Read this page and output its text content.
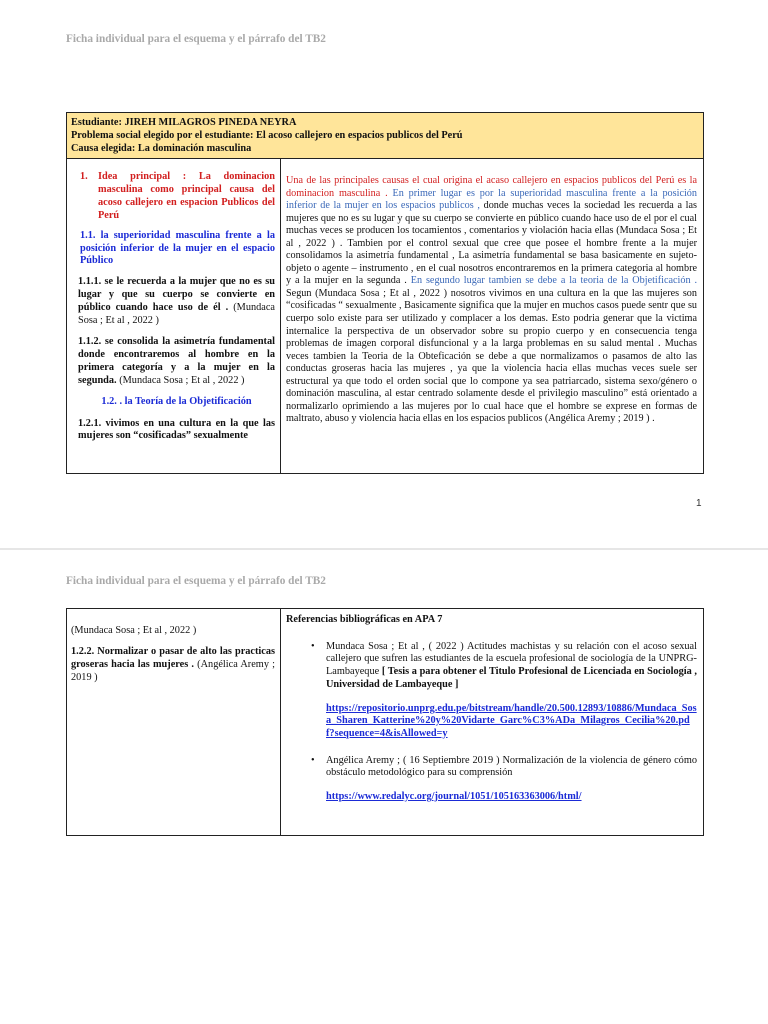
Ficha individual para el esquema y el párrafo del TB2
Estudiante: JIREH MILAGROS PINEDA NEYRA
Problema social elegido por el estudiante: El acoso callejero en espacios publicos del Perú
Causa elegida: La dominación masculina
1. Idea principal : La dominacion masculina como principal causa del acoso callejero en espacion Publicos del Perú
1.1. la superioridad masculina frente a la posición inferior de la mujer en el espacio Público
1.1.1. se le recuerda a la mujer que no es su lugar y que su cuerpo se convierte en público cuando hace uso de él . (Mundaca Sosa ; Et al , 2022 )
1.1.2. se consolida la asimetría fundamental donde encontraremos al hombre en la primera categoría y a la mujer en la segunda. (Mundaca Sosa ; Et al , 2022 )
1.2. . la Teoría de la Objetificación
1.2.1. vivimos en una cultura en la que las mujeres son “cosificadas” sexualmente
Una de las principales causas el cual origina el acaso callejero en espacios publicos del Perú es la dominacion masculina . En primer lugar es por la superioridad masculina frente a la posición inferior de la mujer en los espacios publicos , donde muchas veces la sociedad les recuerda a las mujeres que no es su lugar y que su cuerpo se convierte en público cuando hace uso de el por el cual muchas veces se producen los tocamientos , comentarios y violación hacia ellas (Mundaca Sosa ; Et al , 2022 ) . Tambien por el control sexual que cree que posee el hombre frente a la mujer consolidamos la asimetría fundamental , La asimetría fundamental se basa basicamente en sujeto-objeto o agente – instrumento , en el cual nosotros encontraremos en la primera categoria al hombre y a la mujer en la segunda . En segundo lugar tambien se debe a la teoria de la Objetificación . Segun (Mundaca Sosa ; Et al , 2022 ) nosotros vivimos en una cultura en la que las mujeres son “cosificadas “ sexualmente , Basicamente significa que la mujer en muchos casos puede sentr que su cuerpo solo existe para ser utilizado y complacer a los demas. Esto podria generar que la victima internalice la perspectiva de un observador sobre su propio cuerpo y en consecuencia tenga problemas de imagen corporal disfuncional y a la larga problemas en su salud mental . Muchas veces tambien la Teoria de la Obteficación se debe a que normalizamos o pasamos de alto las conductas groseras hacia las mujeres , ya que la violencia hacia ellas muchas veces suele ser estructural ya que todo el orden social que lo compone ya sea patriarcado, sistema sexo/género o dominación masculina, al estar centrado solamente desde el privilegio masculino” está orientado a normalizarlo oprimiendo a las mujeres por lo cual hace que el hombre se exprese en formas de maltrato, abuso y violencia hacia ellas en los espacios publicos (Angélica Aremy ; 2019 ) .
1
Ficha individual para el esquema y el párrafo del TB2
(Mundaca Sosa ; Et al , 2022 )
1.2.2. Normalizar o pasar de alto las practicas groseras hacia las mujeres . (Angélica Aremy ; 2019 )
Referencias bibliográficas en APA 7
•	Mundaca Sosa ; Et al , ( 2022 ) Actitudes machistas y su relación con el acoso sexual callejero que sufren las estudiantes de la escuela profesional de sociología de la UNPRG- Lambayeque [ Tesis a para obtener el Titulo Profesional de Licenciada en Sociología , Universidad de Lambayeque ]
https://repositorio.unprg.edu.pe/bitstream/handle/20.500.12893/10886/Mundaca_Sosa_Sharen_Katterine%20y%20Vidarte_Garc%C3%ADa_Milagros_Cecilia%20.pdf?sequence=4&isAllowed=y
•	Angélica Aremy ; ( 16 Septiembre 2019 ) Normalización de la violencia de género cómo obstáculo metodológico para su comprensión
https://www.redalyc.org/journal/1051/105163363006/html/
